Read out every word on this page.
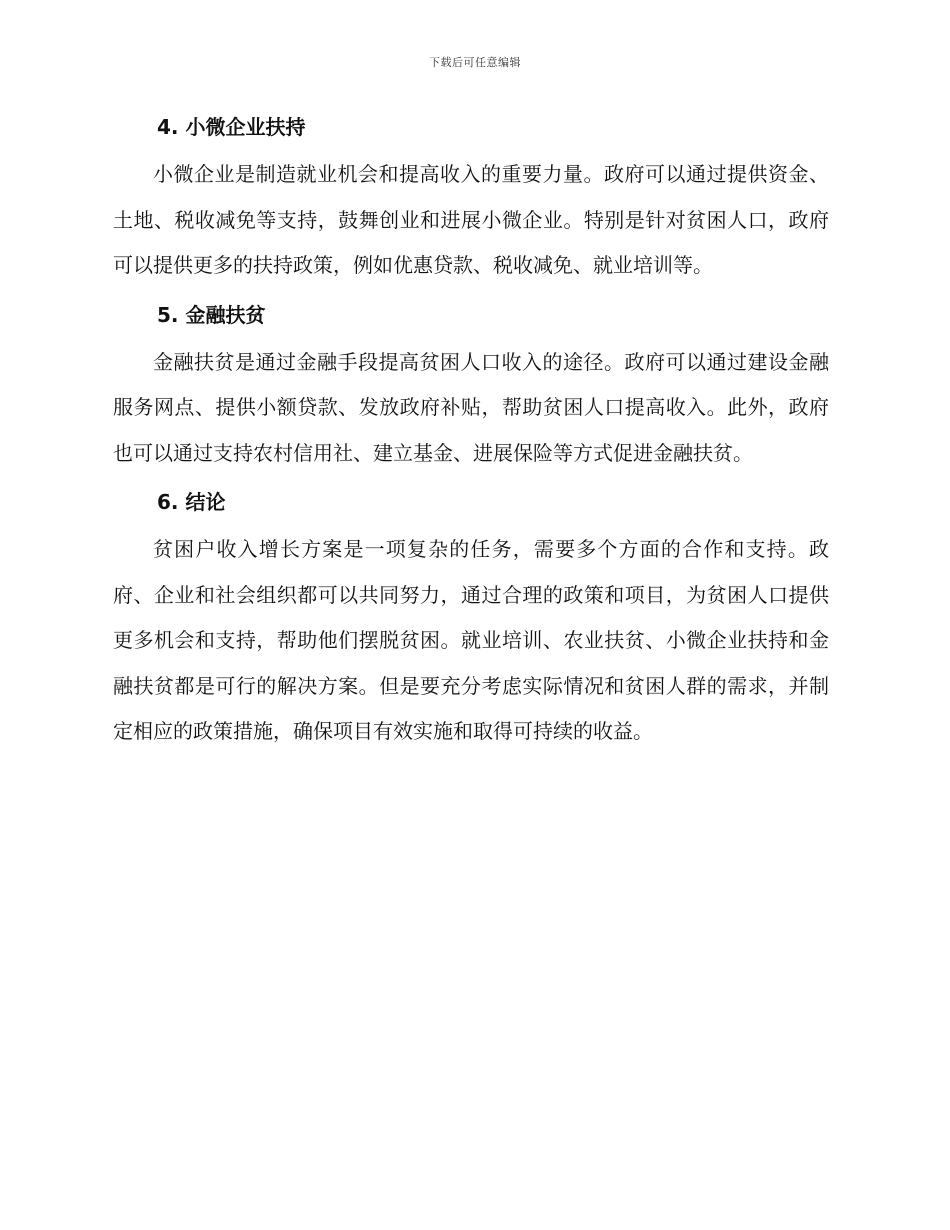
下载后可任意编辑
4. 小微企业扶持

小微企业是制造就业机会和提高收入的重要力量。政府可以通过提供资金、土地、税收减免等支持，鼓舞创业和进展小微企业。特别是针对贫困人口，政府可以提供更多的扶持政策，例如优惠贷款、税收减免、就业培训等。

5. 金融扶贫

金融扶贫是通过金融手段提高贫困人口收入的途径。政府可以通过建设金融服务网点、提供小额贷款、发放政府补贴，帮助贫困人口提高收入。此外，政府也可以通过支持农村信用社、建立基金、进展保险等方式促进金融扶贫。

6. 结论

贫困户收入增长方案是一项复杂的任务，需要多个方面的合作和支持。政府、企业和社会组织都可以共同努力，通过合理的政策和项目，为贫困人口提供更多机会和支持，帮助他们摆脱贫困。就业培训、农业扶贫、小微企业扶持和金融扶贫都是可行的解决方案。但是要充分考虑实际情况和贫困人群的需求，并制定相应的政策措施，确保项目有效实施和取得可持续的收益。
